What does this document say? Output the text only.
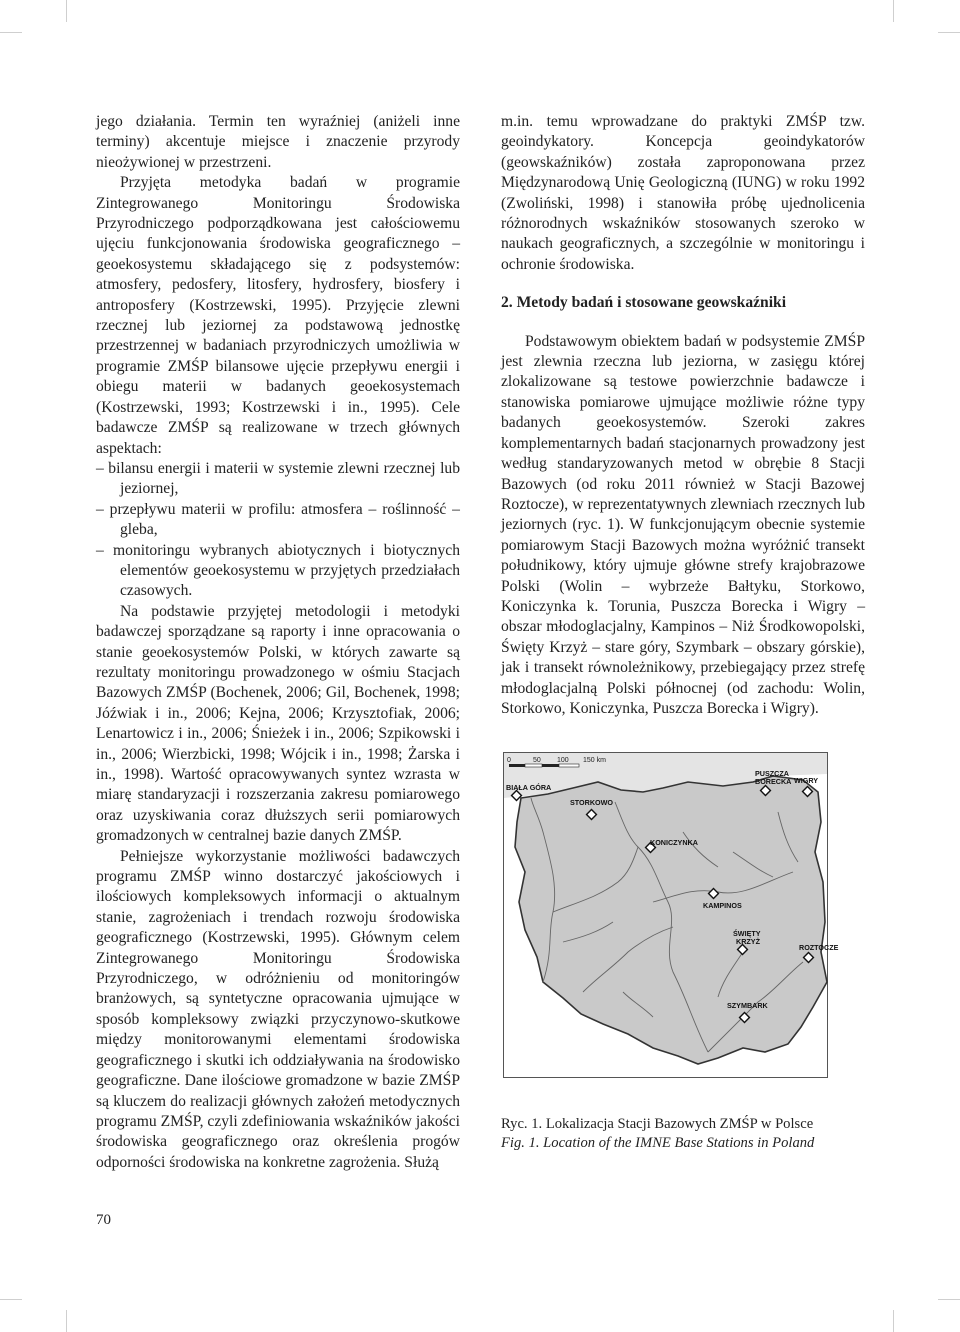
jego działania. Termin ten wyraźniej (aniżeli inne terminy) akcentuje miejsce i znaczenie przyrody nieożywionej w przestrzeni.

Przyjęta metodyka badań w programie Zintegrowanego Monitoringu Środowiska Przyrodniczego podporządkowana jest całościowemu ujęciu funkcjonowania środowiska geograficznego – geoekosystemu składającego się z podsystemów: atmosfery, pedosfery, litosfery, hydrosfery, biosfery i antroposfery (Kostrzewski, 1995). Przyjęcie zlewni rzecznej lub jeziornej za podstawową jednostkę przestrzennej w badaniach przyrodniczych umożliwia w programie ZMŚP bilansowe ujęcie przepływu energii i obiegu materii w badanych geoekosystemach (Kostrzewski, 1993; Kostrzewski i in., 1995). Cele badawcze ZMŚP są realizowane w trzech głównych aspektach:

– bilansu energii i materii w systemie zlewni rzecznej lub jeziornej,
– przepływu materii w profilu: atmosfera – roślinność – gleba,
– monitoringu wybranych abiotycznych i biotycznych elementów geoekosystemu w przyjętych przedziałach czasowych.

Na podstawie przyjętej metodologii i metodyki badawczej sporządzane są raporty i inne opracowania o stanie geoekosystemów Polski, w których zawarte są rezultaty monitoringu prowadzonego w ośmiu Stacjach Bazowych ZMŚP (Bochenek, 2006; Gil, Bochenek, 1998; Jóźwiak i in., 2006; Kejna, 2006; Krzysztofiak, 2006; Lenartowicz i in., 2006; Śnieżek i in., 2006; Szpikowski i in., 2006; Wierzbicki, 1998; Wójcik i in., 1998; Żarska i in., 1998). Wartość opracowywanych syntez wzrasta w miarę standaryzacji i rozszerzania zakresu pomiarowego oraz uzyskiwania coraz dłuższych serii pomiarowych gromadzonych w centralnej bazie danych ZMŚP.

Pełniejsze wykorzystanie możliwości badawczych programu ZMŚP winno dostarczyć jakościowych i ilościowych kompleksowych informacji o aktualnym stanie, zagrożeniach i trendach rozwoju środowiska geograficznego (Kostrzewski, 1995). Głównym celem Zintegrowanego Monitoringu Środowiska Przyrodniczego, w odróżnieniu od monitoringów branżowych, są syntetyczne opracowania ujmujące w sposób kompleksowy związki przyczynowo-skutkowe między monitorowanymi elementami środowiska geograficznego i skutki ich oddziaływania na środowisko geograficzne. Dane ilościowe gromadzone w bazie ZMŚP są kluczem do realizacji głównych założeń metodycznych programu ZMŚP, czyli zdefiniowania wskaźników jakości środowiska geograficznego oraz określenia progów odporności środowiska na konkretne zagrożenia. Służą

m.in. temu wprowadzane do praktyki ZMŚP tzw. geoindykatory. Koncepcja geoindykatorów (geowskaźników) została zaproponowana przez Międzynarodową Unię Geologiczną (IUNG) w roku 1992 (Zwoliński, 1998) i stanowiła próbę ujednolicenia różnorodnych wskaźników stosowanych szeroko w naukach geograficznych, a szczególnie w monitoringu i ochronie środowiska.

2. Metody badań i stosowane geowskaźniki

Podstawowym obiektem badań w podsystemie ZMŚP jest zlewnia rzeczna lub jeziorna, w zasięgu której zlokalizowane są testowe powierzchnie badawcze i stanowiska pomiarowe ujmujące możliwie różne typy badanych geoekosystemów. Szeroki zakres komplementarnych badań stacjonarnych prowadzony jest według standaryzowanych metod w obrębie 8 Stacji Bazowych (od roku 2011 również w Stacji Bazowej Roztocze), w reprezentatywnych zlewniach rzecznych lub jeziornych (ryc. 1). W funkcjonującym obecnie systemie pomiarowym Stacji Bazowych można wyróżnić transekt południkowy, który ujmuje główne strefy krajobrazowe Polski (Wolin – wybrzeże Bałtyku, Storkowo, Koniczynka k. Torunia, Puszcza Borecka i Wigry – obszar młodoglacjalny, Kampinos – Niż Środkowopolski, Święty Krzyż – stare góry, Szymbark – obszary górskie), jak i transekt równoleżnikowy, przebiegający przez strefę młodoglacjalną Polski północnej (od zachodu: Wolin, Storkowo, Koniczynka, Puszcza Borecka i Wigry).

0	50 100 150 km
BIAŁA GÓRA
STORKOWO
PUSZCZA
BORECKA WIGRY
KONICZYNKA
KAMPINOS
ŚWIĘTY
KRZYŻ
ROZTOCZE
SZYMBARK
Ryc. 1. Lokalizacja Stacji Bazowych ZMŚP w Polsce
Fig. 1. Location of the IMNE Base Stations in Poland
70
